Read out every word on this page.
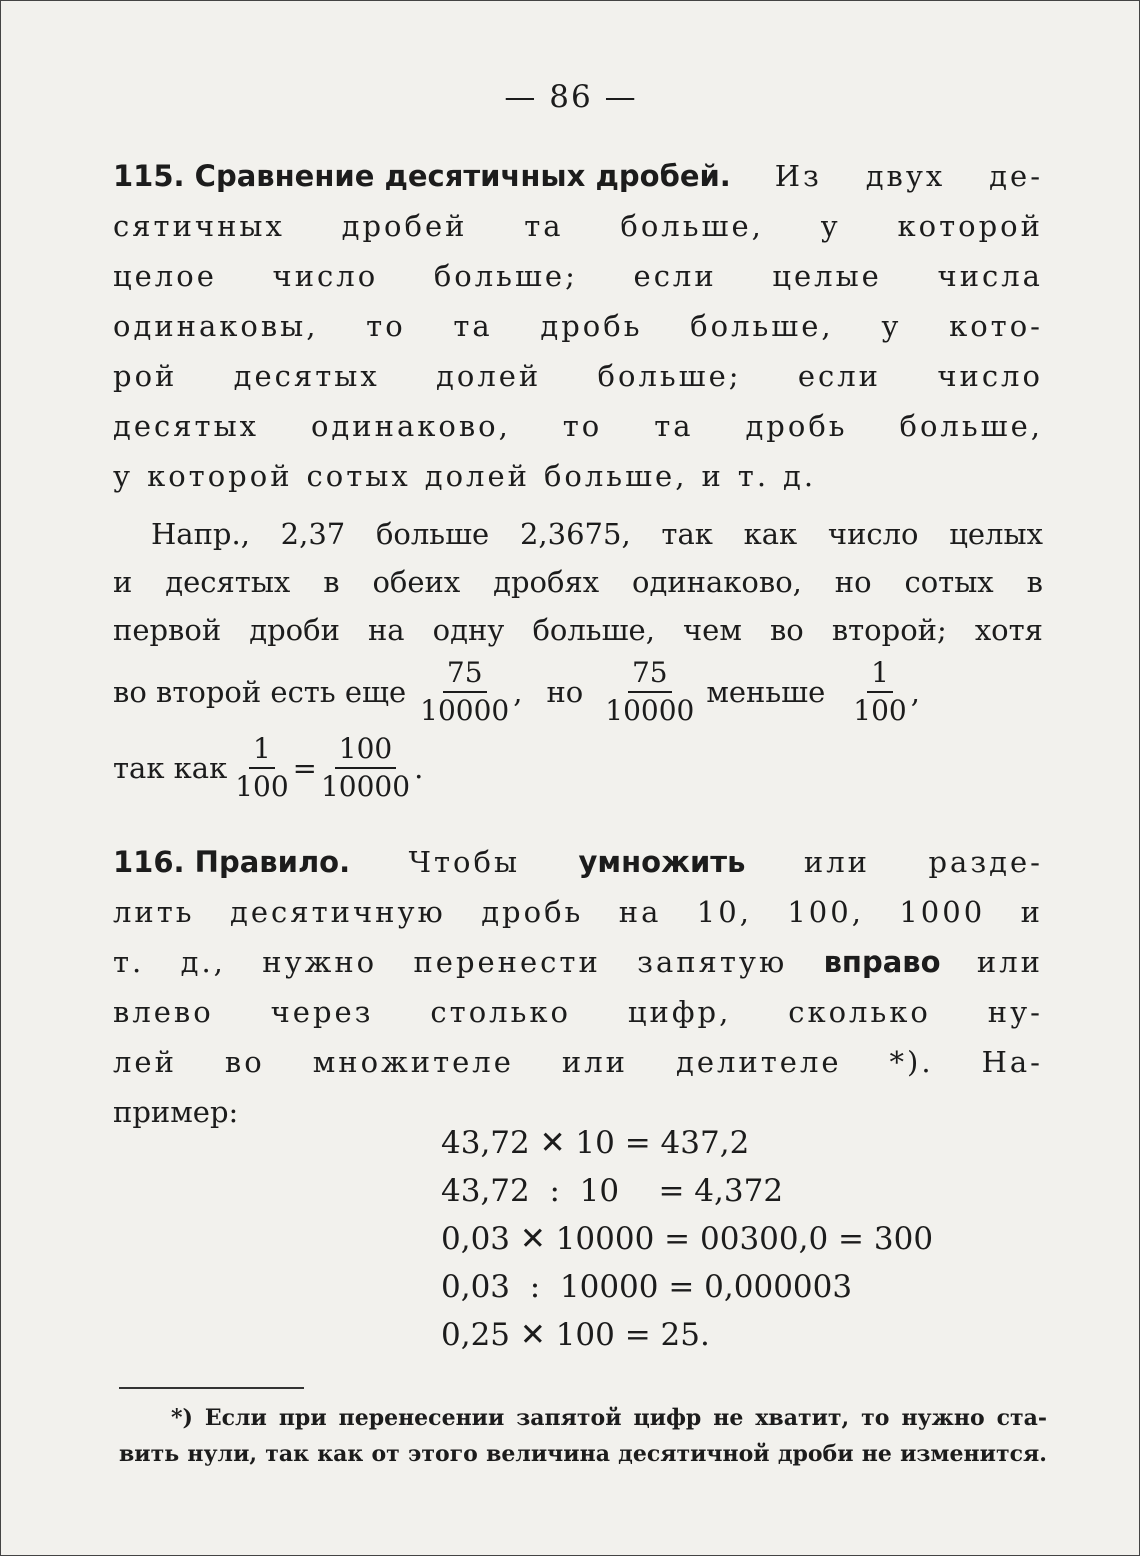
— 86 —
115. Сравнение десятичных дробей. Из двух де-
сятичных дробей та больше, у которой
целое число больше; если целые числа
одинаковы, то та дробь больше, у кото-
рой десятых долей больше; если число
десятых одинаково, то та дробь больше,
у которой сотых долей больше, и т. д.
Напр., 2,37 больше 2,3675, так как число целых
и десятых в обеих дробях одинаково, но сотых в
первой дроби на одну больше, чем во второй; хотя
во второй есть еще $\frac{75}{10000}$ , но $\frac{75}{10000}$ меньше $\frac{1}{100}$ ,
так как $\frac{1}{100} = \frac{100}{10000}$ .
116. Правило. Чтобы умножить или разде-
лить десятичную дробь на 10, 100, 1000 и
т. д., нужно перенести запятую вправо или
влево через столько цифр, сколько ну-
лей во множителе или делителе *). На-
пример:
43,72 ✕ 10 = 437,2
43,72  :  10    = 4,372
0,03 ✕ 10000 = 00300,0 = 300
0,03  :  10000 = 0,000003
0,25 ✕ 100 = 25.
*) Если при перенесении запятой цифр не хватит, то нужно ста-
вить нули, так как от этого величина десятичной дроби не изменится.
